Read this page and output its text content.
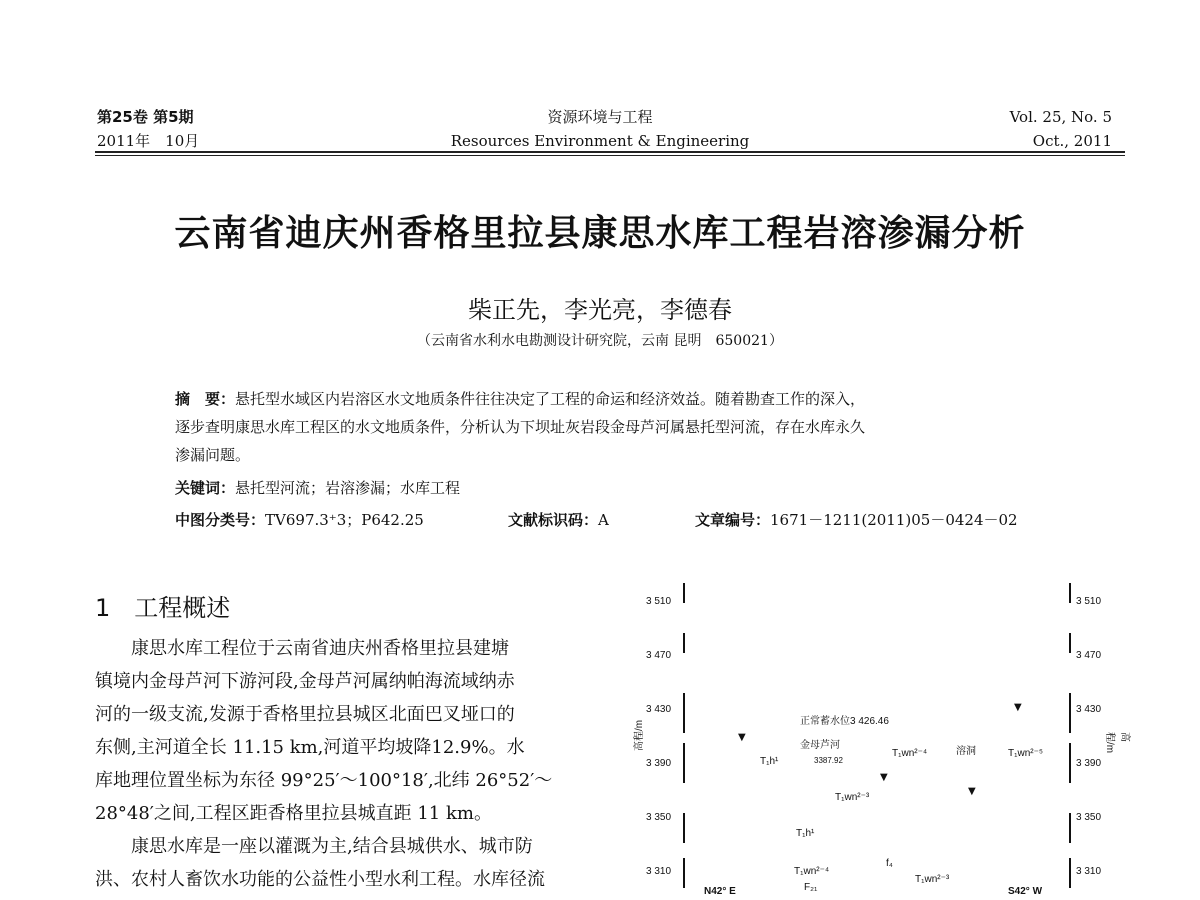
第25卷 第5期
2011年　10月
资源环境与工程
Resources Environment & Engineering
Vol. 25, No. 5
Oct., 2011
云南省迪庆州香格里拉县康思水库工程岩溶渗漏分析
柴正先，李光亮，李德春
（云南省水利水电勘测设计研究院，云南 昆明　650021）
摘　要：悬托型水域区内岩溶区水文地质条件往往决定了工程的命运和经济效益。随着勘查工作的深入，
逐步查明康思水库工程区的水文地质条件，分析认为下坝址灰岩段金母芦河属悬托型河流，存在水库永久
渗漏问题。
关键词：悬托型河流；岩溶渗漏；水库工程
中图分类号：TV697.3⁺3；P642.25	文献标识码：A	文章编号：1671－1211(2011)05－0424－02
1　工程概述
康思水库工程位于云南省迪庆州香格里拉县建塘
镇境内金母芦河下游河段,金母芦河属纳帕海流域纳赤
河的一级支流,发源于香格里拉县城区北面巴叉垭口的
东侧,主河道全长 11.15 km,河道平均坡降12.9%。水
库地理位置坐标为东径 99°25′～100°18′,北纬 26°52′～
28°48′之间,工程区距香格里拉县城直距 11 km。
康思水库是一座以灌溉为主,结合县城供水、城市防
洪、农村人畜饮水功能的公益性小型水利工程。水库径流
3 510
3 470
3 430
3 390
3 350
3 310
3 510
3 470
3 430
3 390
3 350
3 310
高程/m	高程/m
▼
▼
▼
▼
正常蓄水位3 426.46
金母芦河
3387.92
溶洞
T₁h¹
T₁wn²⁻⁴
T₁wn²⁻³
T₁wn²⁻⁵
T₁h¹
T₁wn²⁻⁴
T₁wn²⁻³
f₄
F₂₁
N42° E	S42° W
